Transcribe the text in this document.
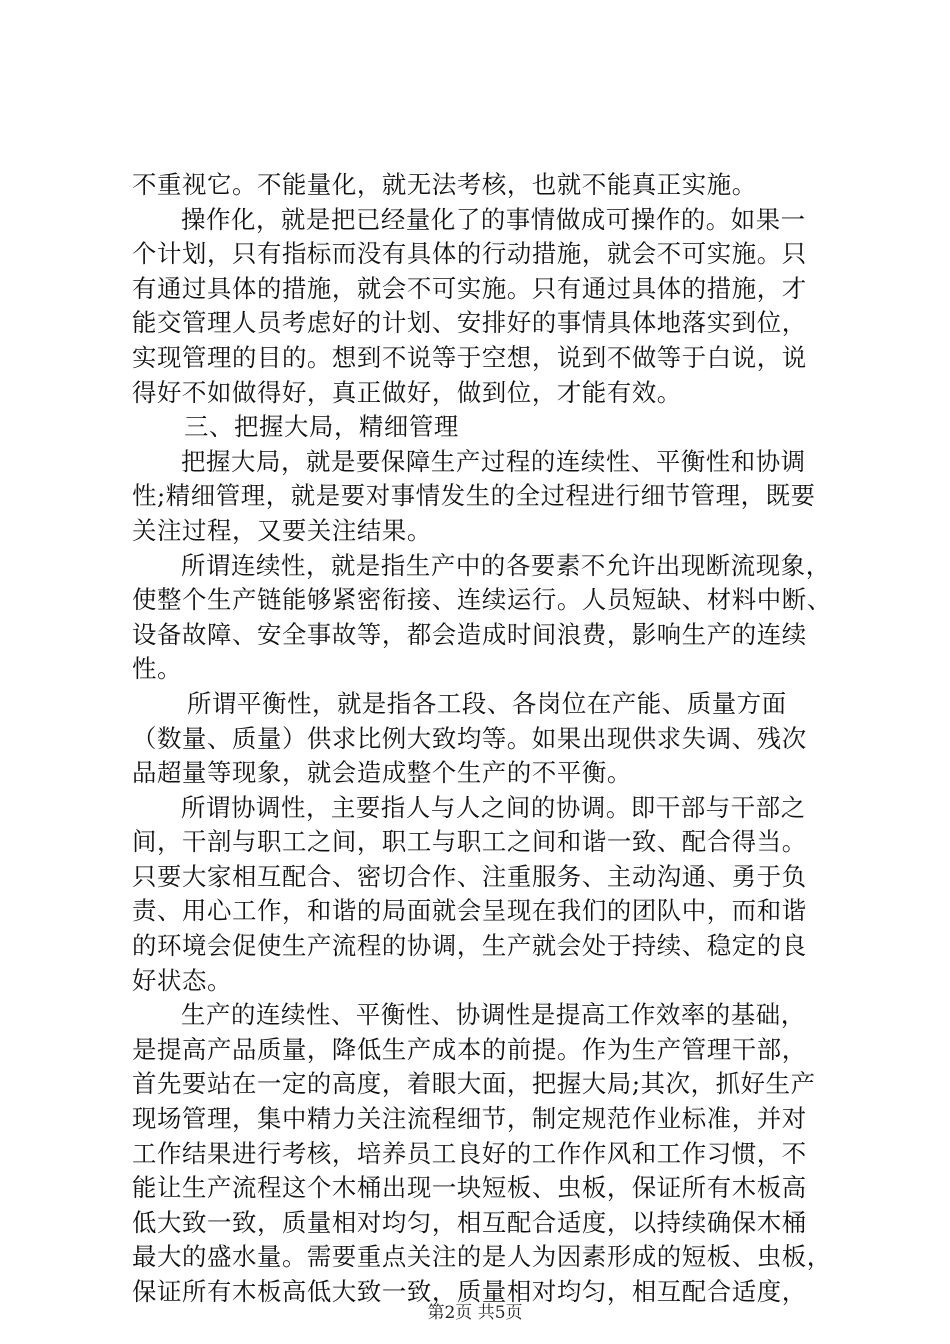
不重视它。不能量化，就无法考核，也就不能真正实施。
操作化，就是把已经量化了的事情做成可操作的。如果一
个计划，只有指标而没有具体的行动措施，就会不可实施。只
有通过具体的措施，就会不可实施。只有通过具体的措施，才
能交管理人员考虑好的计划、安排好的事情具体地落实到位，
实现管理的目的。想到不说等于空想，说到不做等于白说，说
得好不如做得好，真正做好，做到位，才能有效。
三、把握大局，精细管理
把握大局，就是要保障生产过程的连续性、平衡性和协调
性;精细管理，就是要对事情发生的全过程进行细节管理，既要
关注过程，又要关注结果。
所谓连续性，就是指生产中的各要素不允许出现断流现象，
使整个生产链能够紧密衔接、连续运行。人员短缺、材料中断、
设备故障、安全事故等，都会造成时间浪费，影响生产的连续
性。
所谓平衡性，就是指各工段、各岗位在产能、质量方面
（数量、质量）供求比例大致均等。如果出现供求失调、残次
品超量等现象，就会造成整个生产的不平衡。
所谓协调性，主要指人与人之间的协调。即干部与干部之
间，干剖与职工之间，职工与职工之间和谐一致、配合得当。
只要大家相互配合、密切合作、注重服务、主动沟通、勇于负
责、用心工作，和谐的局面就会呈现在我们的团队中，而和谐
的环境会促使生产流程的协调，生产就会处于持续、稳定的良
好状态。
生产的连续性、平衡性、协调性是提高工作效率的基础，
是提高产品质量，降低生产成本的前提。作为生产管理干部，
首先要站在一定的高度，着眼大面，把握大局;其次，抓好生产
现场管理，集中精力关注流程细节，制定规范作业标准，并对
工作结果进行考核，培养员工良好的工作作风和工作习惯，不
能让生产流程这个木桶出现一块短板、虫板，保证所有木板高
低大致一致，质量相对均匀，相互配合适度，以持续确保木桶
最大的盛水量。需要重点关注的是人为因素形成的短板、虫板，
保证所有木板高低大致一致，质量相对均匀，相互配合适度，
第2页 共5页
